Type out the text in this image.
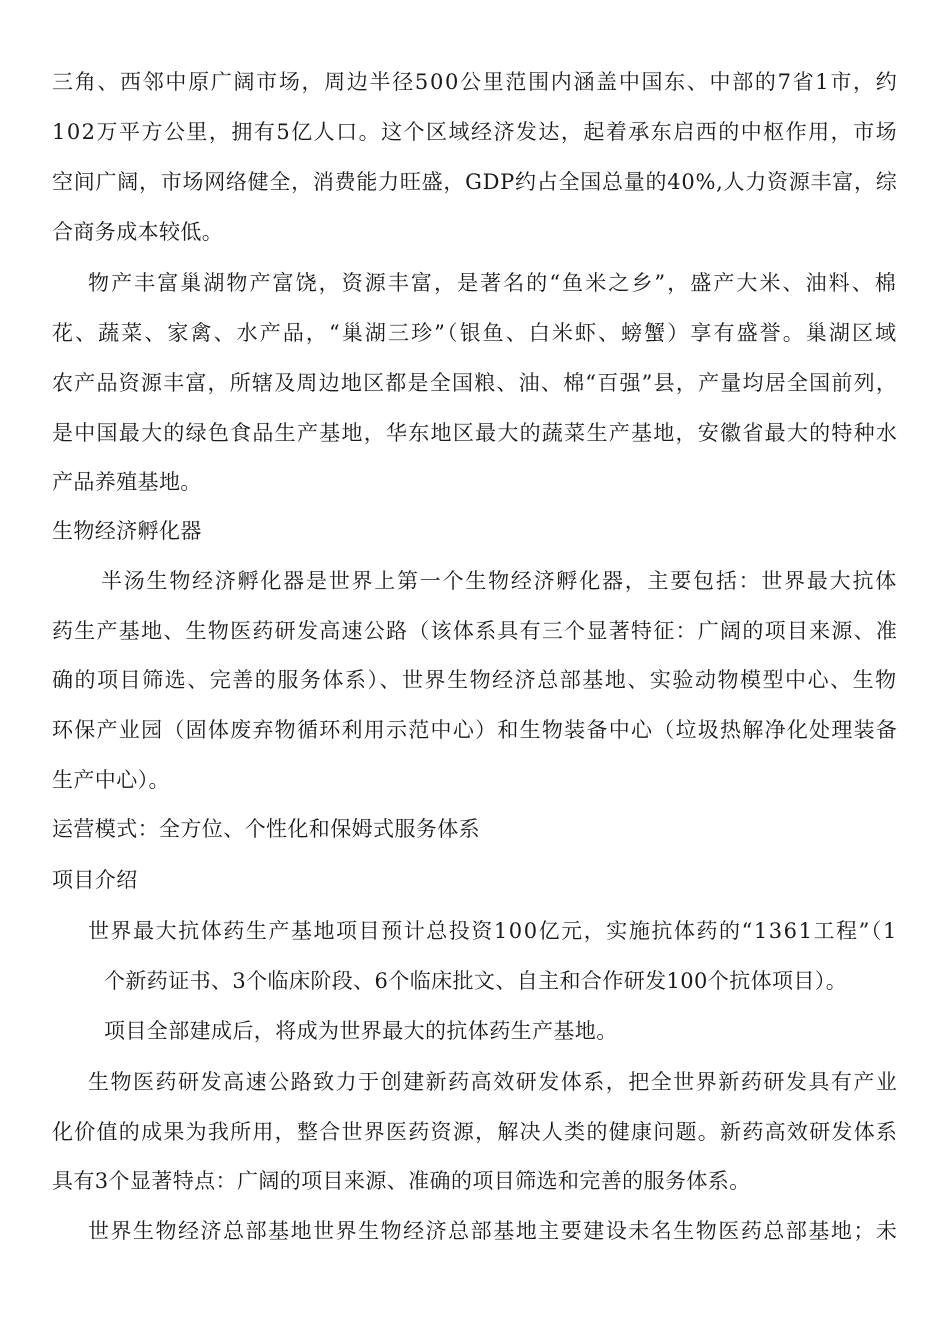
三角、西邻中原广阔市场，周边半径500公里范围内涵盖中国东、中部的7省1市，约
102万平方公里，拥有5亿人口。这个区域经济发达，起着承东启西的中枢作用，市场
空间广阔，市场网络健全，消费能力旺盛，GDP约占全国总量的40%,人力资源丰富，综
合商务成本较低。
物产丰富巢湖物产富饶，资源丰富，是著名的“鱼米之乡”，盛产大米、油料、棉
花、蔬菜、家禽、水产品，“巢湖三珍”（银鱼、白米虾、螃蟹）享有盛誉。巢湖区域
农产品资源丰富，所辖及周边地区都是全国粮、油、棉“百强”县，产量均居全国前列，
是中国最大的绿色食品生产基地，华东地区最大的蔬菜生产基地，安徽省最大的特种水
产品养殖基地。
生物经济孵化器
半汤生物经济孵化器是世界上第一个生物经济孵化器，主要包括：世界最大抗体
药生产基地、生物医药研发高速公路（该体系具有三个显著特征：广阔的项目来源、准
确的项目筛选、完善的服务体系）、世界生物经济总部基地、实验动物模型中心、生物
环保产业园（固体废弃物循环利用示范中心）和生物装备中心（垃圾热解净化处理装备
生产中心）。
运营模式：全方位、个性化和保姆式服务体系
项目介绍
世界最大抗体药生产基地项目预计总投资100亿元，实施抗体药的“1361工程”（1
个新药证书、3个临床阶段、6个临床批文、自主和合作研发100个抗体项目）。
项目全部建成后，将成为世界最大的抗体药生产基地。
生物医药研发高速公路致力于创建新药高效研发体系，把全世界新药研发具有产业
化价值的成果为我所用，整合世界医药资源，解决人类的健康问题。新药高效研发体系
具有3个显著特点：广阔的项目来源、准确的项目筛选和完善的服务体系。
世界生物经济总部基地世界生物经济总部基地主要建设未名生物医药总部基地；未
